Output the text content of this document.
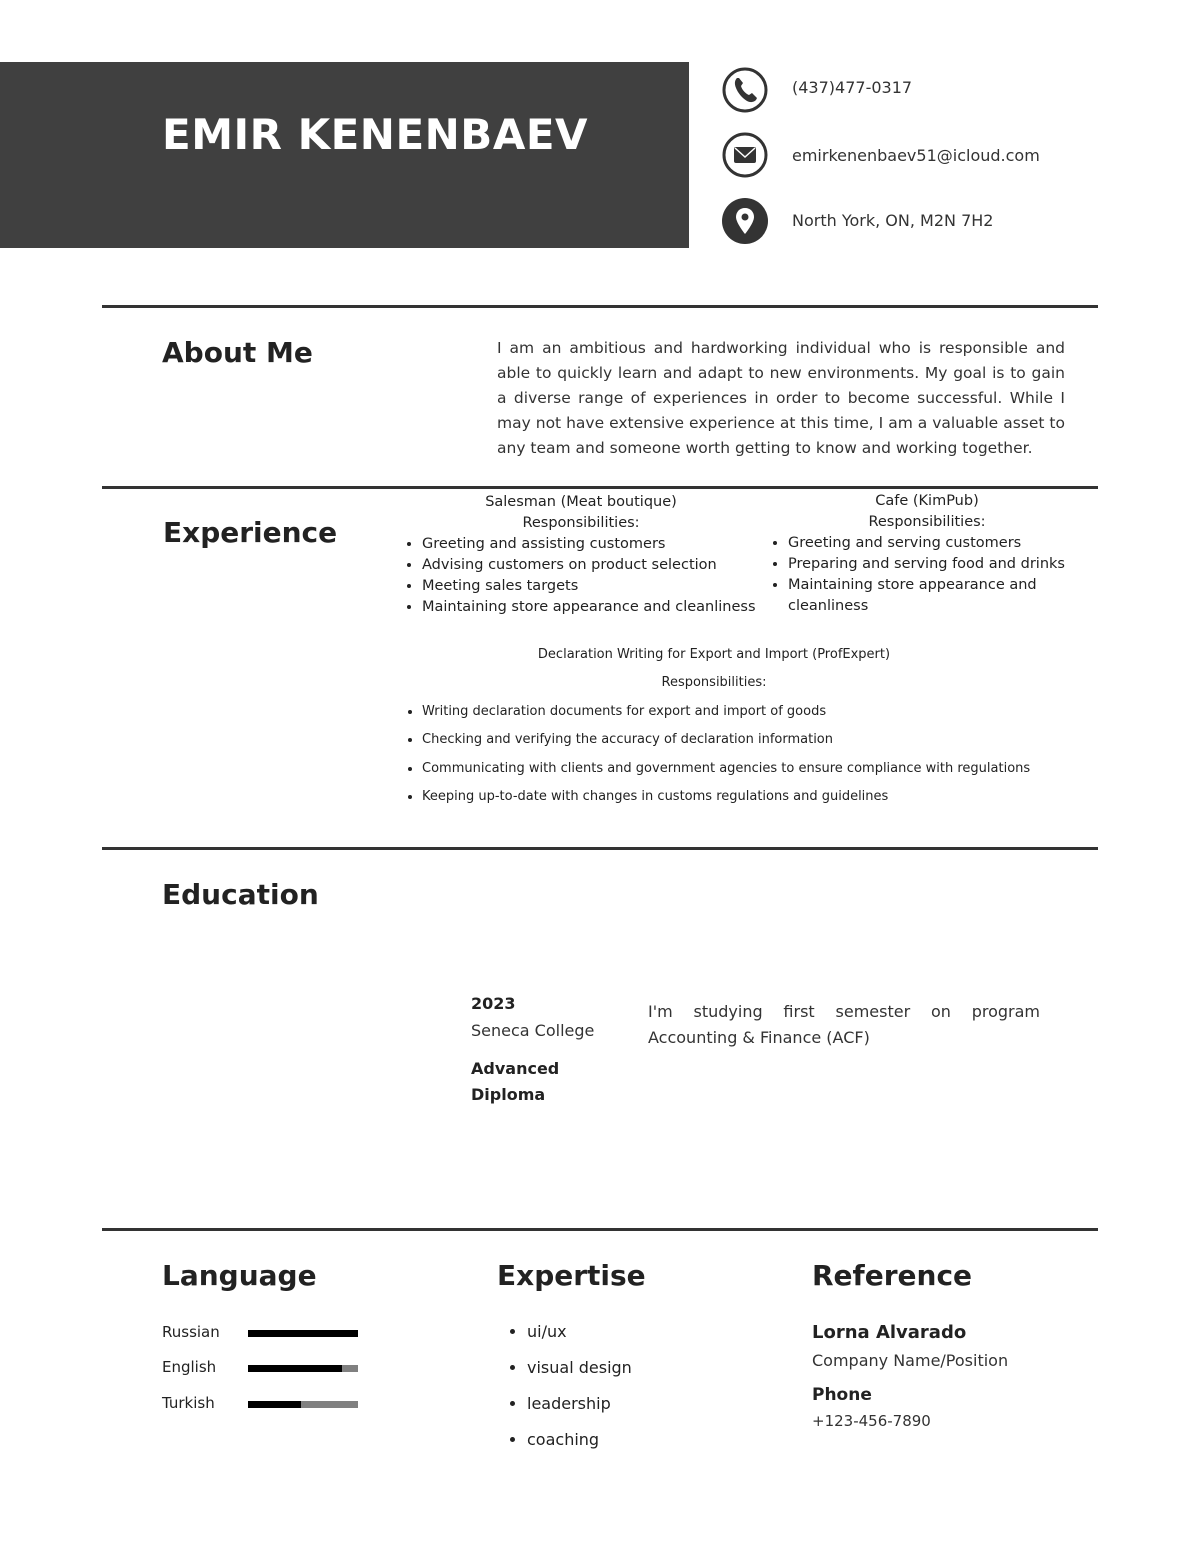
EMIR KENENBAEV
(437)477-0317
emirkenenbaev51@icloud.com
North York, ON, M2N 7H2
About Me	I am an ambitious and hardworking individual who is responsible and able to quickly learn and adapt to new environments. My goal is to gain a diverse range of experiences in order to become successful. While I may not have extensive experience at this time, I am a valuable asset to any team and someone worth getting to know and working together.
Experience
Salesman (Meat boutique)
Responsibilities:
• Greeting and assisting customers
• Advising customers on product selection
• Meeting sales targets
• Maintaining store appearance and cleanliness
Cafe (KimPub)
Responsibilities:
• Greeting and serving customers
• Preparing and serving food and drinks
• Maintaining store appearance and cleanliness
Declaration Writing for Export and Import (ProfExpert)
Responsibilities:
• Writing declaration documents for export and import of goods
• Checking and verifying the accuracy of declaration information
• Communicating with clients and government agencies to ensure compliance with regulations
• Keeping up-to-date with changes in customs regulations and guidelines
Education
2023
Seneca College
Advanced Diploma
I'm studying first semester on program Accounting & Finance (ACF)
Language
Russian
English
Turkish
Expertise
• ui/ux
• visual design
• leadership
• coaching
Reference
Lorna Alvarado
Company Name/Position
Phone
+123-456-7890
